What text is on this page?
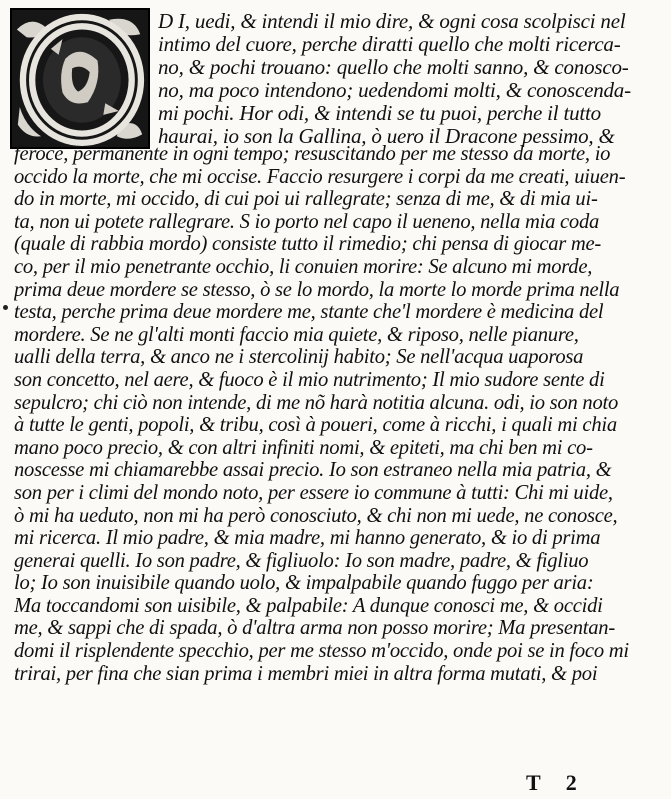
D I, uedi, & intendi il mio dire, & ogni cosa scolpisci nel
intimo del cuore, perche diratti quello che molti ricerca-
no, & pochi trouano: quello che molti sanno, & conosco-
no, ma poco intendono; uedendomi molti, & conoscenda-
mi pochi. Hor odi, & intendi se tu puoi, perche il tutto
haurai, io son la Gallina, ò uero il Dracone pessimo, &
feroce, permanente in ogni tempo; resuscitando per me stesso da morte, io
occido la morte, che mi occise. Faccio resurgere i corpi da me creati, uiuen-
do in morte, mi occido, di cui poi ui rallegrate; senza di me, & di mia ui-
ta, non ui potete rallegrare. S io porto nel capo il ueneno, nella mia coda
(quale di rabbia mordo) consiste tutto il rimedio; chi pensa di giocar me-
co, per il mio penetrante occhio, li conuien morire: Se alcuno mi morde,
prima deue mordere se stesso, ò se lo mordo, la morte lo morde prima nella
testa, perche prima deue mordere me, stante che'l mordere è medicina del
mordere. Se ne gl'alti monti faccio mia quiete, & riposo, nelle pianure,
ualli della terra, & anco ne i stercolinij habito; Se nell'acqua uaporosa
son concetto, nel aere, & fuoco è il mio nutrimento; Il mio sudore sente di
sepulcro; chi ciò non intende, di me nõ harà notitia alcuna. odi, io son noto
à tutte le genti, popoli, & tribu, così à poueri, come à ricchi, i quali mi chia
mano poco precio, & con altri infiniti nomi, & epiteti, ma chi ben mi co-
noscesse mi chiamarebbe assai precio. Io son estraneo nella mia patria, &
son per i climi del mondo noto, per essere io commune à tutti: Chi mi uide,
ò mi ha ueduto, non mi ha però conosciuto, & chi non mi uede, ne conosce,
mi ricerca. Il mio padre, & mia madre, mi hanno generato, & io di prima
generai quelli. Io son padre, & figliuolo: Io son madre, padre, & figliuo
lo; Io son inuisibile quando uolo, & impalpabile quando fuggo per aria:
Ma toccandomi son uisibile, & palpabile: A dunque conosci me, & occidi
me, & sappi che di spada, ò d'altra arma non posso morire; Ma presentan-
domi il risplendente specchio, per me stesso m'occido, onde poi se in foco mi
trirai, per fina che sian prima i membri miei in altra forma mutati, & poi
T 2
